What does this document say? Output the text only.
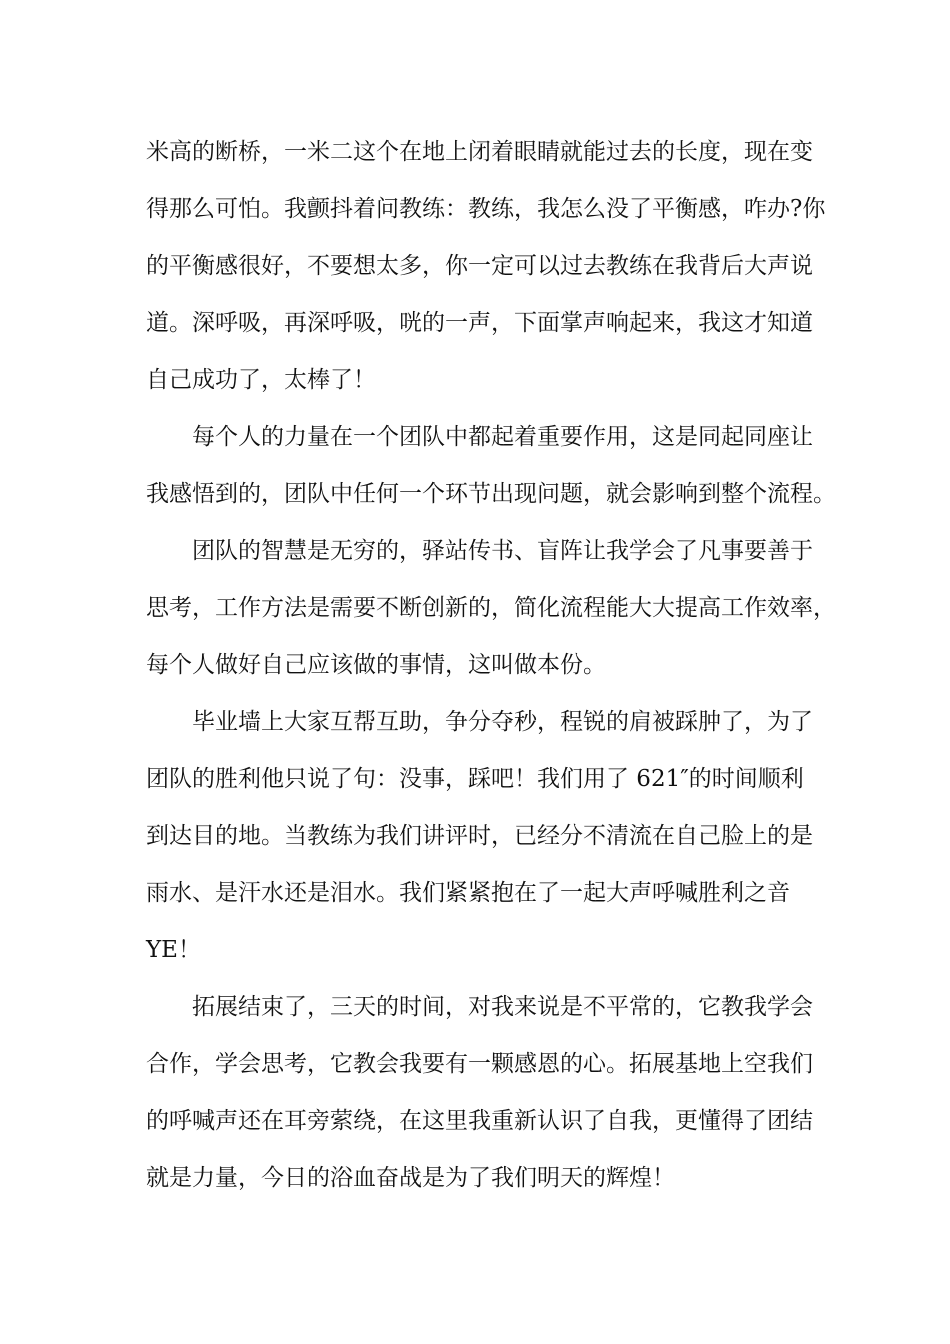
米高的断桥，一米二这个在地上闭着眼睛就能过去的长度，现在变
得那么可怕。我颤抖着问教练：教练，我怎么没了平衡感，咋办?你
的平衡感很好，不要想太多，你一定可以过去教练在我背后大声说
道。深呼吸，再深呼吸，咣的一声，下面掌声响起来，我这才知道
自己成功了，太棒了！
每个人的力量在一个团队中都起着重要作用，这是同起同座让
我感悟到的，团队中任何一个环节出现问题，就会影响到整个流程。
团队的智慧是无穷的，驿站传书、盲阵让我学会了凡事要善于
思考，工作方法是需要不断创新的，简化流程能大大提高工作效率，
每个人做好自己应该做的事情，这叫做本份。
毕业墙上大家互帮互助，争分夺秒，程锐的肩被踩肿了，为了
团队的胜利他只说了句：没事，踩吧！我们用了 621″的时间顺利
到达目的地。当教练为我们讲评时，已经分不清流在自己脸上的是
雨水、是汗水还是泪水。我们紧紧抱在了一起大声呼喊胜利之音
YE！
拓展结束了，三天的时间，对我来说是不平常的，它教我学会
合作，学会思考，它教会我要有一颗感恩的心。拓展基地上空我们
的呼喊声还在耳旁萦绕，在这里我重新认识了自我，更懂得了团结
就是力量，今日的浴血奋战是为了我们明天的辉煌！
